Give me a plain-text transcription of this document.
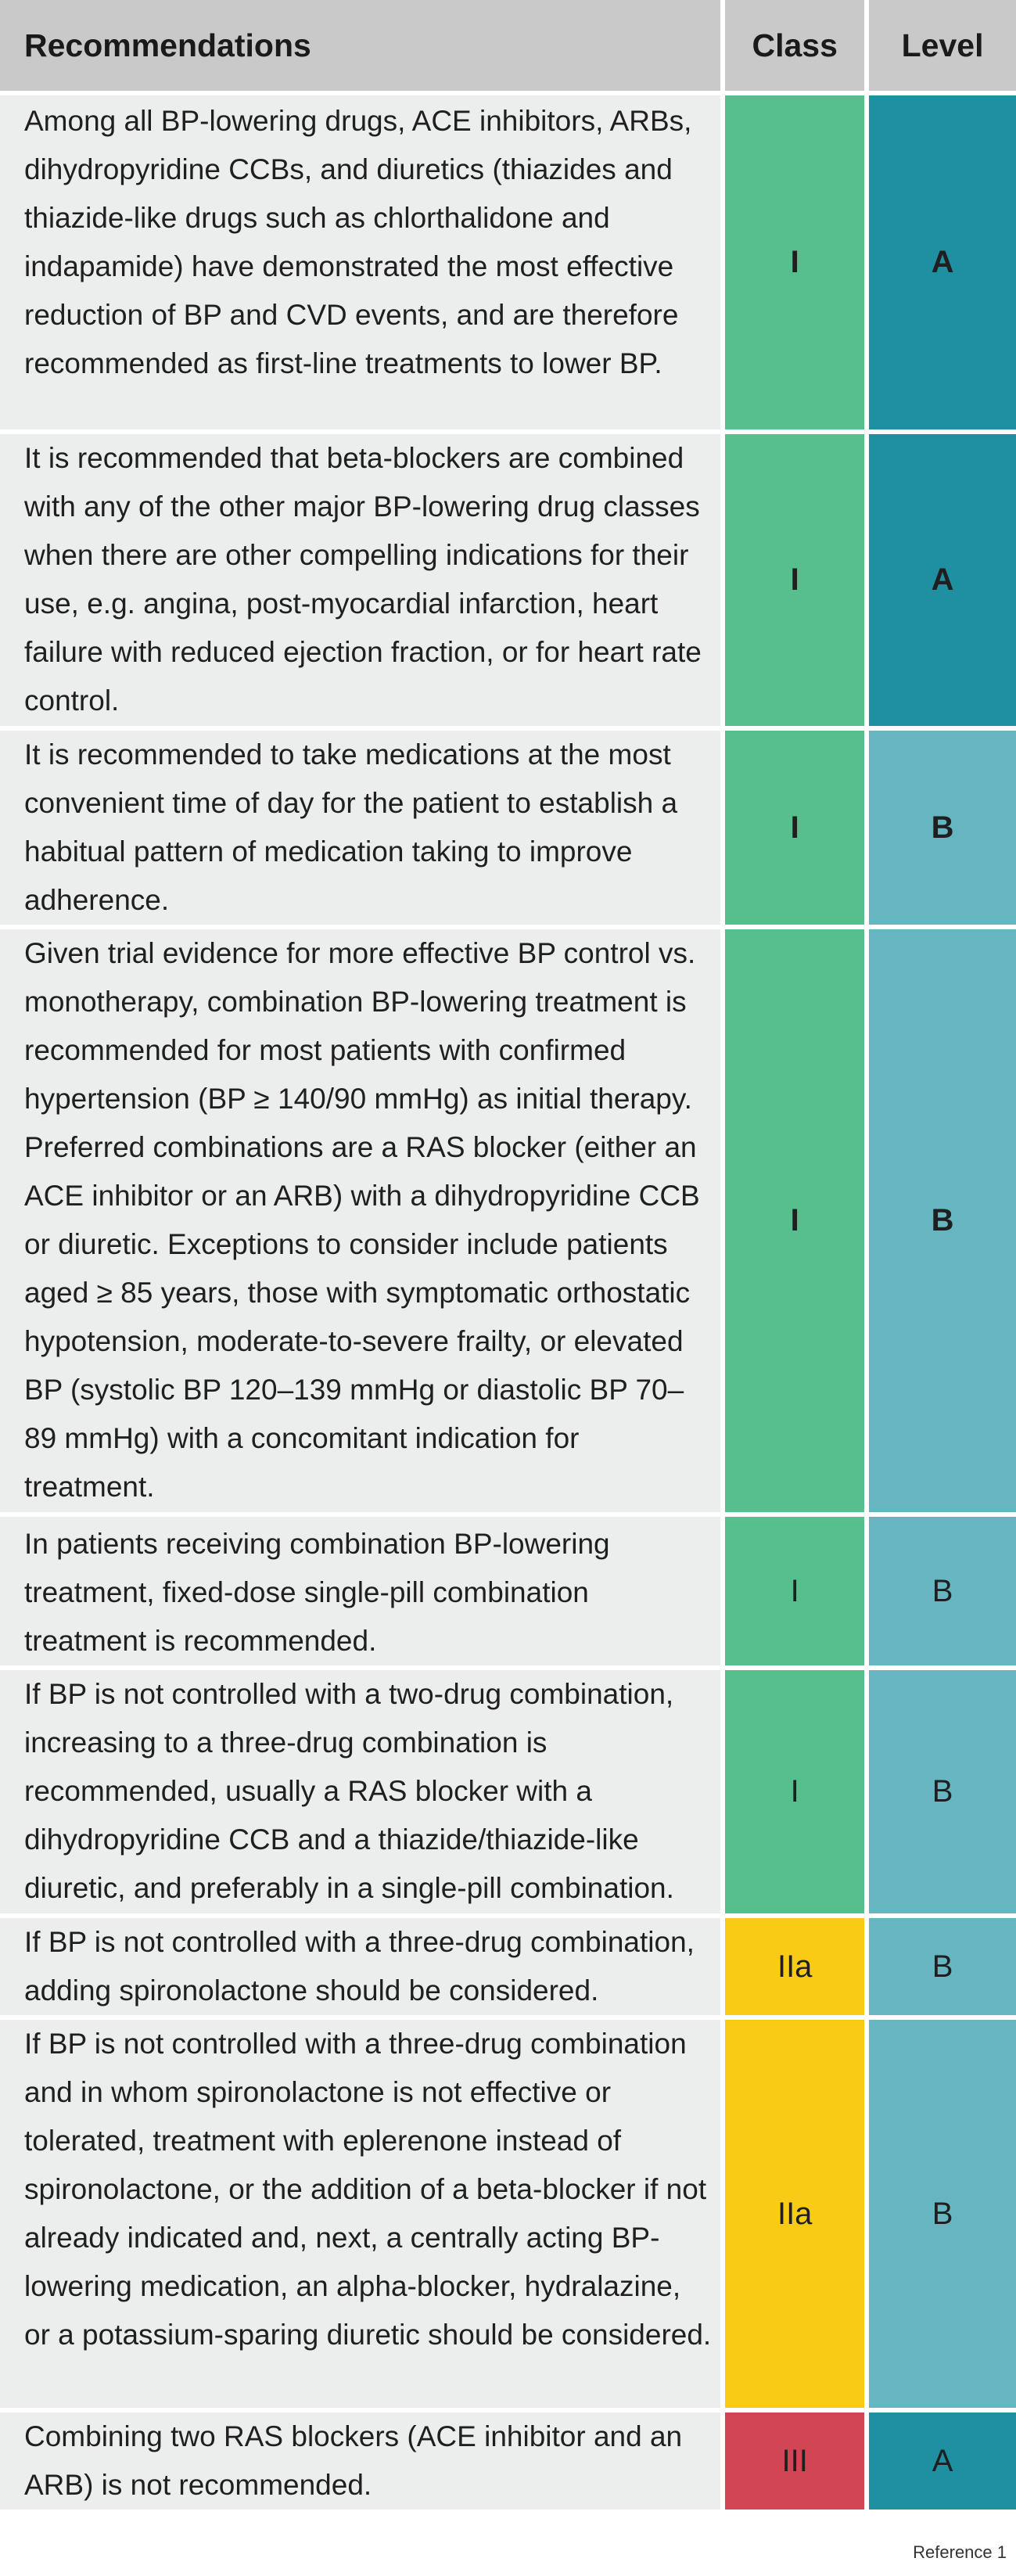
Recommendations	Class	Level

Among all BP-lowering drugs, ACE inhibitors, ARBs, dihydropyridine CCBs, and diuretics (thiazides and thiazide-like drugs such as chlorthalidone and indapamide) have demonstrated the most effective reduction of BP and CVD events, and are therefore recommended as first-line treatments to lower BP.	I	A

It is recommended that beta-blockers are combined with any of the other major BP-lowering drug classes when there are other compelling indications for their use, e.g. angina, post-myocardial infarction, heart failure with reduced ejection fraction, or for heart rate control.	I	A

It is recommended to take medications at the most convenient time of day for the patient to establish a habitual pattern of medication taking to improve adherence.	I	B

Given trial evidence for more effective BP control vs. monotherapy, combination BP-lowering treatment is recommended for most patients with confirmed hypertension (BP ≥ 140/90 mmHg) as initial therapy. Preferred combinations are a RAS blocker (either an ACE inhibitor or an ARB) with a dihydropyridine CCB or diuretic. Exceptions to consider include patients aged ≥ 85 years, those with symptomatic orthostatic hypotension, moderate-to-severe frailty, or elevated BP (systolic BP 120–139 mmHg or diastolic BP 70–89 mmHg) with a concomitant indication for treatment.	I	B

In patients receiving combination BP-lowering treatment, fixed-dose single-pill combination treatment is recommended.	I	B

If BP is not controlled with a two-drug combination, increasing to a three-drug combination is recommended, usually a RAS blocker with a dihydropyridine CCB and a thiazide/thiazide-like diuretic, and preferably in a single-pill combination.	I	B

If BP is not controlled with a three-drug combination, adding spironolactone should be considered.	IIa	B

If BP is not controlled with a three-drug combination and in whom spironolactone is not effective or tolerated, treatment with eplerenone instead of spironolactone, or the addition of a beta-blocker if not already indicated and, next, a centrally acting BP-lowering medication, an alpha-blocker, hydralazine, or a potassium-sparing diuretic should be considered.	IIa	B

Combining two RAS blockers (ACE inhibitor and an ARB) is not recommended.	III	A
Reference 1
